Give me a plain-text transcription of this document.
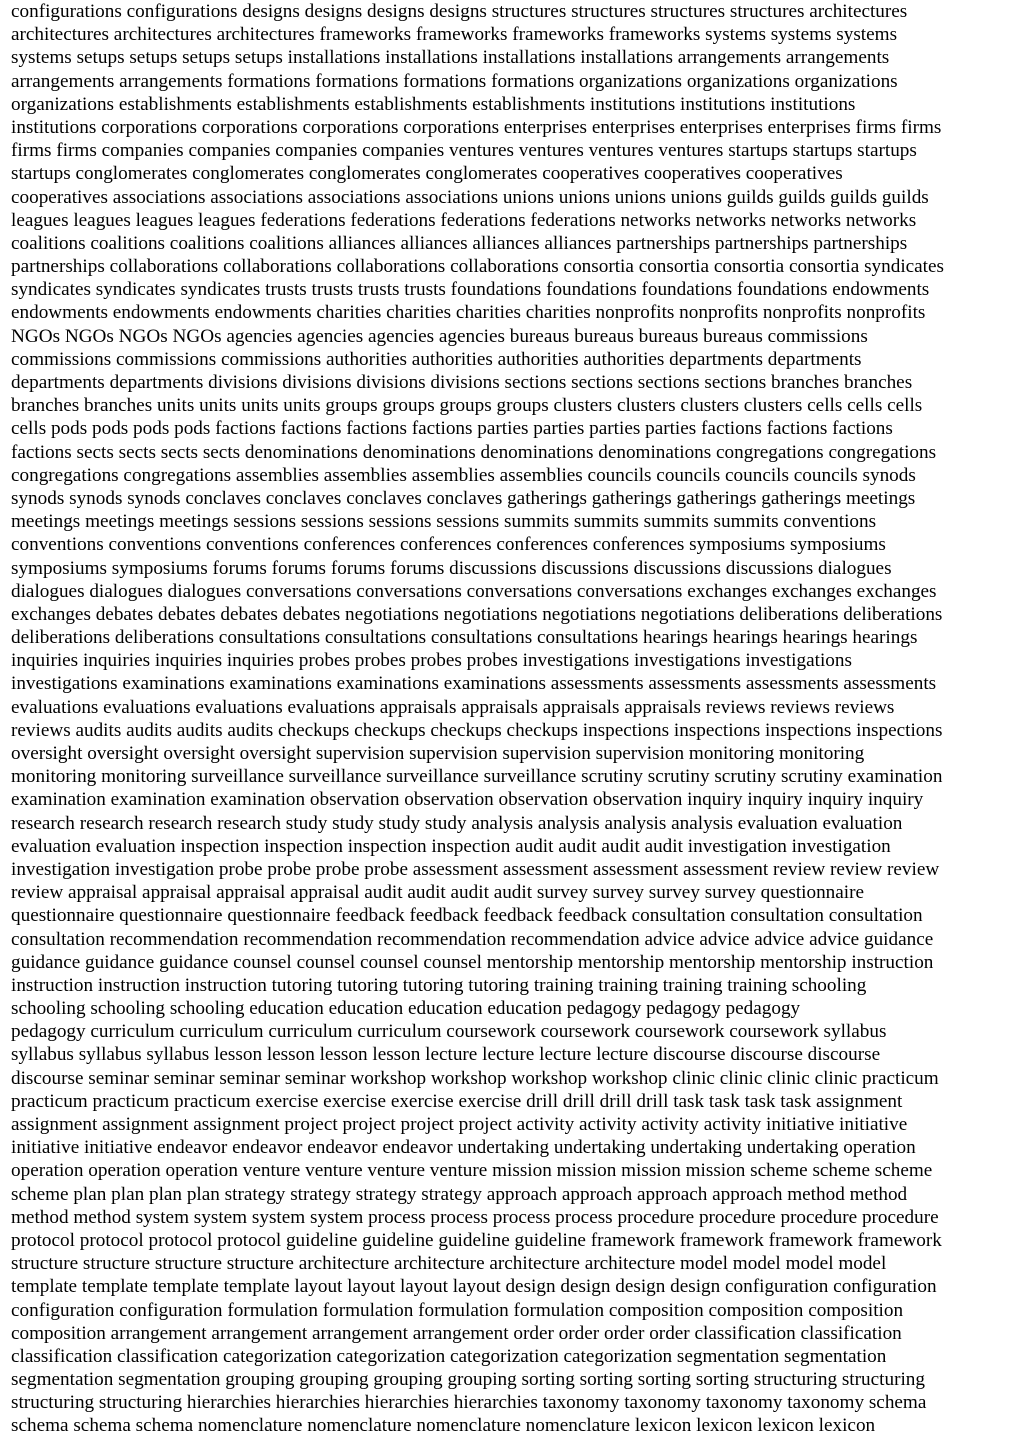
configurations configurations designs designs designs designs structures structures structures structures architectures
architectures architectures architectures frameworks frameworks frameworks frameworks systems systems systems
systems setups setups setups setups installations installations installations installations arrangements arrangements
arrangements arrangements formations formations formations formations organizations organizations organizations
organizations establishments establishments establishments establishments institutions institutions institutions
institutions corporations corporations corporations corporations enterprises enterprises enterprises enterprises firms firms
firms firms companies companies companies companies ventures ventures ventures ventures startups startups startups
startups conglomerates conglomerates conglomerates conglomerates cooperatives cooperatives cooperatives
cooperatives associations associations associations associations unions unions unions unions guilds guilds guilds guilds
leagues leagues leagues leagues federations federations federations federations networks networks networks networks
coalitions coalitions coalitions coalitions alliances alliances alliances alliances partnerships partnerships partnerships
partnerships collaborations collaborations collaborations collaborations consortia consortia consortia consortia syndicates
syndicates syndicates syndicates trusts trusts trusts trusts foundations foundations foundations foundations endowments
endowments endowments endowments charities charities charities charities nonprofits nonprofits nonprofits nonprofits
NGOs NGOs NGOs NGOs agencies agencies agencies agencies bureaus bureaus bureaus bureaus commissions
commissions commissions commissions authorities authorities authorities authorities departments departments
departments departments divisions divisions divisions divisions sections sections sections sections branches branches
branches branches units units units units groups groups groups groups clusters clusters clusters clusters cells cells cells
cells pods pods pods pods factions factions factions factions parties parties parties parties factions factions factions
factions sects sects sects sects denominations denominations denominations denominations congregations congregations
congregations congregations assemblies assemblies assemblies assemblies councils councils councils councils synods
synods synods synods conclaves conclaves conclaves conclaves gatherings gatherings gatherings gatherings meetings
meetings meetings meetings sessions sessions sessions sessions summits summits summits summits conventions
conventions conventions conventions conferences conferences conferences conferences symposiums symposiums
symposiums symposiums forums forums forums forums discussions discussions discussions discussions dialogues
dialogues dialogues dialogues conversations conversations conversations conversations exchanges exchanges exchanges
exchanges debates debates debates debates negotiations negotiations negotiations negotiations deliberations deliberations
deliberations deliberations consultations consultations consultations consultations hearings hearings hearings hearings
inquiries inquiries inquiries inquiries probes probes probes probes investigations investigations investigations
investigations examinations examinations examinations examinations assessments assessments assessments assessments
evaluations evaluations evaluations evaluations appraisals appraisals appraisals appraisals reviews reviews reviews
reviews audits audits audits audits checkups checkups checkups checkups inspections inspections inspections inspections
oversight oversight oversight oversight supervision supervision supervision supervision monitoring monitoring
monitoring monitoring surveillance surveillance surveillance surveillance scrutiny scrutiny scrutiny scrutiny examination
examination examination examination observation observation observation observation inquiry inquiry inquiry inquiry
research research research research study study study study analysis analysis analysis analysis evaluation evaluation
evaluation evaluation inspection inspection inspection inspection audit audit audit audit investigation investigation
investigation investigation probe probe probe probe assessment assessment assessment assessment review review review
review appraisal appraisal appraisal appraisal audit audit audit audit survey survey survey survey questionnaire
questionnaire questionnaire questionnaire feedback feedback feedback feedback consultation consultation consultation
consultation recommendation recommendation recommendation recommendation advice advice advice advice guidance
guidance guidance guidance counsel counsel counsel counsel mentorship mentorship mentorship mentorship instruction
instruction instruction instruction tutoring tutoring tutoring tutoring training training training training schooling
schooling schooling schooling education education education education pedagogy pedagogy pedagogy
pedagogy curriculum curriculum curriculum curriculum coursework coursework coursework coursework syllabus
syllabus syllabus syllabus lesson lesson lesson lesson lecture lecture lecture lecture discourse discourse discourse
discourse seminar seminar seminar seminar workshop workshop workshop workshop clinic clinic clinic clinic practicum
practicum practicum practicum exercise exercise exercise exercise drill drill drill drill task task task task assignment
assignment assignment assignment project project project project activity activity activity activity initiative initiative
initiative initiative endeavor endeavor endeavor endeavor undertaking undertaking undertaking undertaking operation
operation operation operation venture venture venture venture mission mission mission mission scheme scheme scheme
scheme plan plan plan plan strategy strategy strategy strategy approach approach approach approach method method
method method system system system system process process process process procedure procedure procedure procedure
protocol protocol protocol protocol guideline guideline guideline guideline framework framework framework framework
structure structure structure structure architecture architecture architecture architecture model model model model
template template template template layout layout layout layout design design design design configuration configuration
configuration configuration formulation formulation formulation formulation composition composition composition
composition arrangement arrangement arrangement arrangement order order order order classification classification
classification classification categorization categorization categorization categorization segmentation segmentation
segmentation segmentation grouping grouping grouping grouping sorting sorting sorting sorting structuring structuring
structuring structuring hierarchies hierarchies hierarchies hierarchies taxonomy taxonomy taxonomy taxonomy schema
schema schema schema nomenclature nomenclature nomenclature nomenclature lexicon lexicon lexicon lexicon
